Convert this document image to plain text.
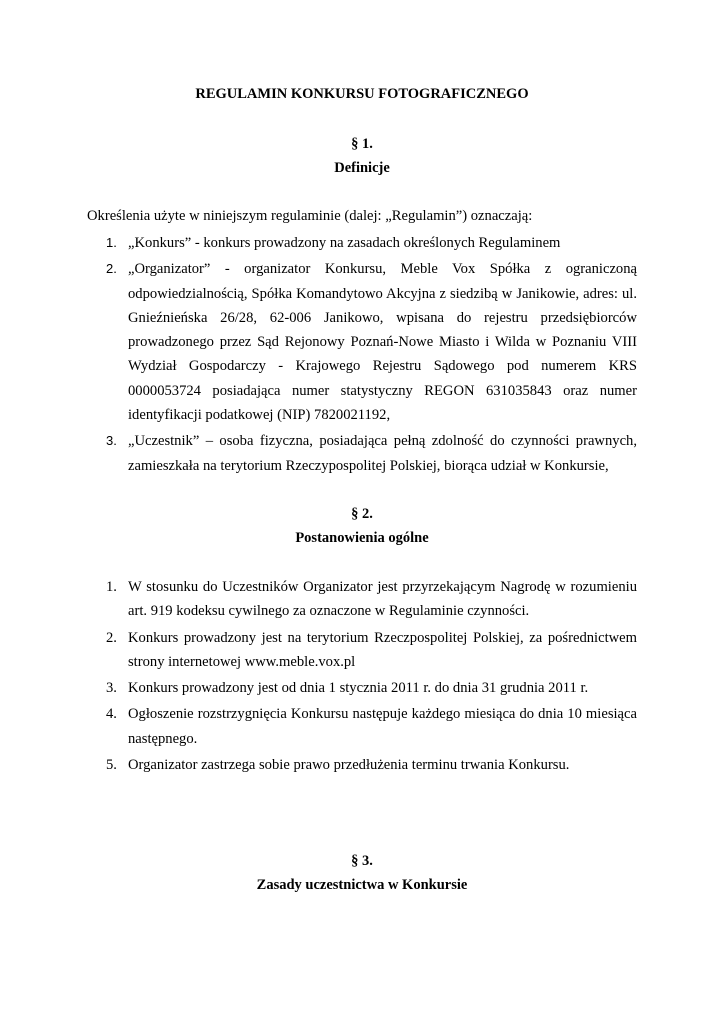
REGULAMIN KONKURSU FOTOGRAFICZNEGO
§ 1.
Definicje
Określenia użyte w niniejszym regulaminie (dalej: „Regulamin”) oznaczają:
1. „Konkurs” - konkurs prowadzony na zasadach określonych Regulaminem
2. „Organizator” - organizator Konkursu, Meble Vox Spółka z ograniczoną odpowiedzialnością, Spółka Komandytowo Akcyjna z siedzibą w Janikowie, adres: ul. Gnieźnieńska 26/28, 62-006 Janikowo, wpisana do rejestru przedsiębiorców prowadzonego przez Sąd Rejonowy Poznań-Nowe Miasto i Wilda w Poznaniu VIII Wydział Gospodarczy - Krajowego Rejestru Sądowego pod numerem KRS 0000053724 posiadająca numer statystyczny REGON 631035843 oraz numer identyfikacji podatkowej (NIP) 7820021192,
3. „Uczestnik” – osoba fizyczna, posiadająca pełną zdolność do czynności prawnych, zamieszkała na terytorium Rzeczypospolitej Polskiej, biorąca udział w Konkursie,
§ 2.
Postanowienia ogólne
1. W stosunku do Uczestników Organizator jest przyrzekającym Nagrodę w rozumieniu art. 919 kodeksu cywilnego za oznaczone w Regulaminie czynności.
2. Konkurs prowadzony jest na terytorium Rzeczpospolitej Polskiej, za pośrednictwem strony internetowej www.meble.vox.pl
3. Konkurs prowadzony jest od dnia 1 stycznia 2011 r. do dnia 31 grudnia 2011 r.
4. Ogłoszenie rozstrzygnięcia Konkursu następuje każdego miesiąca do dnia 10 miesiąca następnego.
5. Organizator zastrzega sobie prawo przedłużenia terminu trwania Konkursu.
§ 3.
Zasady uczestnictwa w Konkursie
